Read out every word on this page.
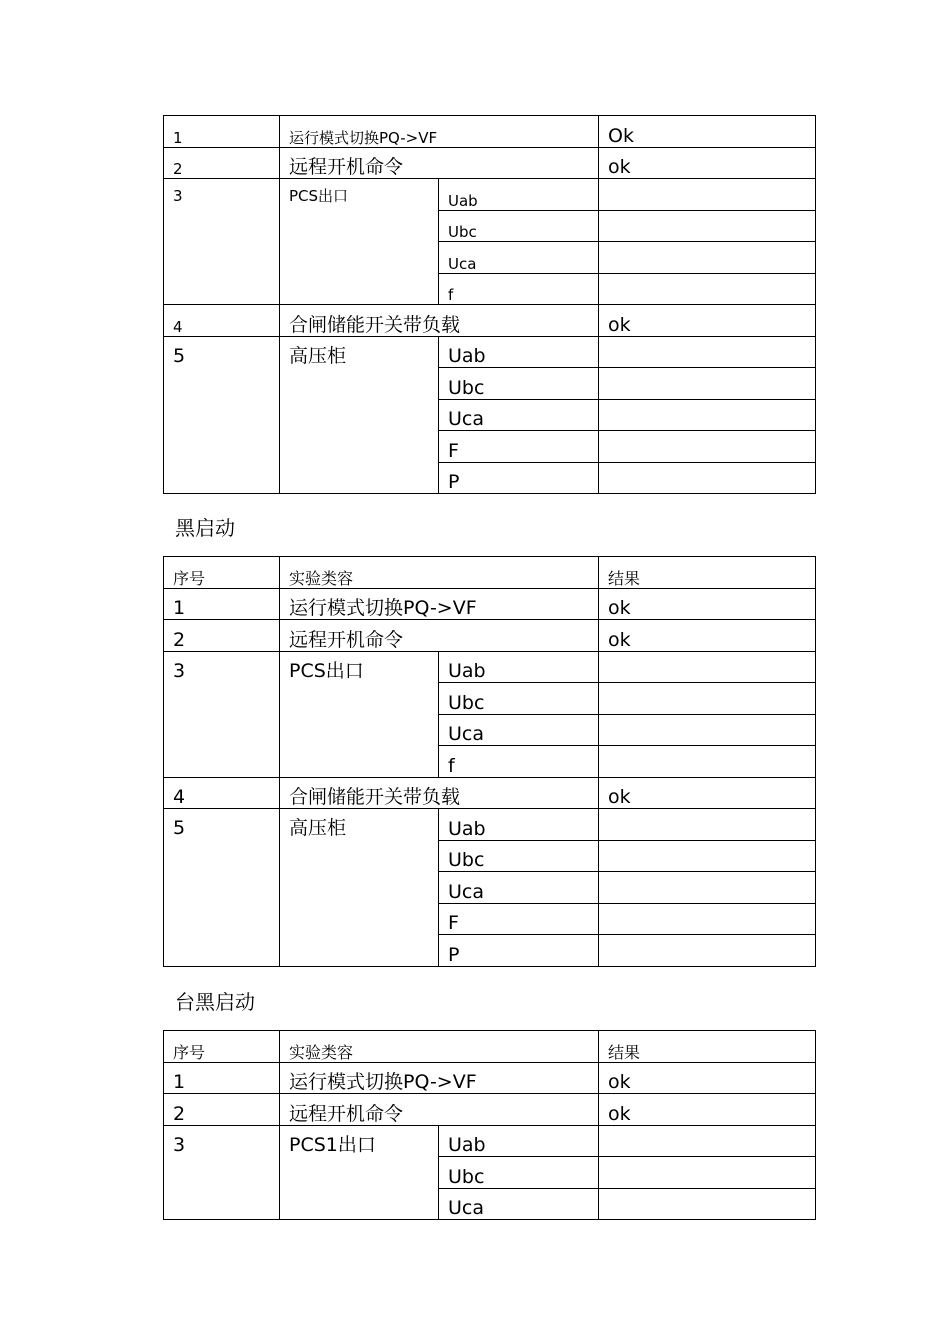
1	运行模式切换PQ->VF		Ok
2	远程开机命令		ok
3	PCS出口	Uab	
		Ubc	
		Uca	
		f	
4	合闸储能开关带负载		ok
5	高压柜	Uab	
		Ubc	
		Uca	
		F	
		P	
黑启动
序号	实验类容		结果
1	运行模式切换PQ->VF		ok
2	远程开机命令		ok
3	PCS出口	Uab	
		Ubc	
		Uca	
		f	
4	合闸储能开关带负载		ok
5	高压柜	Uab	
		Ubc	
		Uca	
		F	
		P	
台黑启动
序号	实验类容		结果
1	运行模式切换PQ->VF		ok
2	远程开机命令		ok
3	PCS1出口	Uab	
		Ubc	
		Uca	
